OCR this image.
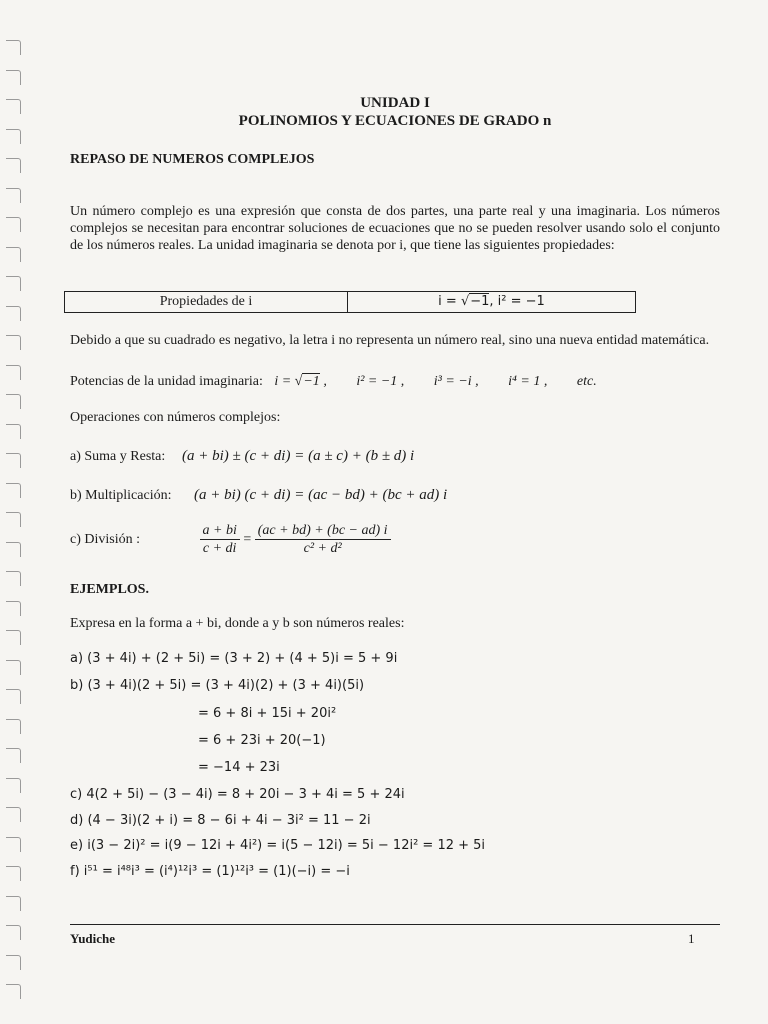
UNIDAD I
POLINOMIOS Y ECUACIONES DE GRADO n
REPASO DE NUMEROS COMPLEJOS
Un número complejo es una expresión que consta de dos partes, una parte real y una imaginaria. Los números complejos se necesitan para encontrar soluciones de ecuaciones que no se pueden resolver usando solo el conjunto de los números reales. La unidad imaginaria se denota por i, que tiene las siguientes propiedades:
Propiedades de i	i = √−1, i² = −1
Debido a que su cuadrado es negativo, la letra i no representa un número real, sino una nueva entidad matemática.
Potencias de la unidad imaginaria: i = √−1 , i² = −1 , i³ = −i , i⁴ = 1 , etc.
Operaciones con números complejos:
a) Suma y Resta: (a + bi) ± (c + di) = (a ± c) + (b ± d) i
b) Multiplicación: (a + bi) (c + di) = (ac − bd) + (bc + ad) i
c) División :	$\frac{a + bi}{c + di} = \frac{(ac + bd) + (bc - ad) i}{\text{c² + d²}}$
EJEMPLOS.
Expresa en la forma a + bi, donde a y b son números reales:
a) (3 + 4i) + (2 + 5i) = (3 + 2) + (4 + 5)i = 5 + 9i
b) (3 + 4i)(2 + 5i) = (3 + 4i)(2) + (3 + 4i)(5i)
= 6 + 8i + 15i + 20i²
= 6 + 23i + 20(−1)
= −14 + 23i
c) 4(2 + 5i) − (3 − 4i) = 8 + 20i − 3 + 4i = 5 + 24i
d) (4 − 3i)(2 + i) = 8 − 6i + 4i − 3i² = 11 − 2i
e) i(3 − 2i)² = i(9 − 12i + 4i²) = i(5 − 12i) = 5i − 12i² = 12 + 5i
f) i⁵¹ = i⁴⁸i³ = (i⁴)¹²i³ = (1)¹²i³ = (1)(−i) = −i
Yudiche	1
